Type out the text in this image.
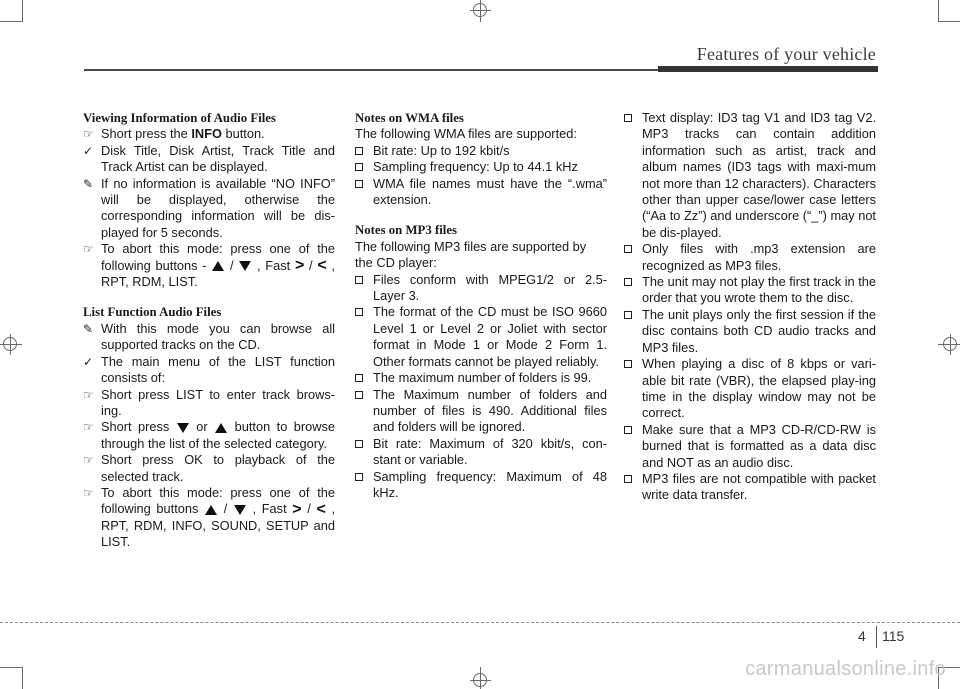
Features of your vehicle

Viewing Information of Audio Files

☞ Short press the INFO button.

✓ Disk Title, Disk Artist, Track Title and Track Artist can be displayed.

✎ If no information is available “NO INFO” will be displayed, otherwise the corresponding information will be dis-played for 5 seconds.

☞ To abort this mode: press one of the following buttons - / , Fast > / < , RPT, RDM, LIST.

List Function Audio Files

✎ With this mode you can browse all supported tracks on the CD.

✓ The main menu of the LIST function consists of:

☞ Short press LIST to enter track brows-ing.

☞ Short press or button to browse through the list of the selected category.

☞ Short press OK to playback of the selected track.

☞ To abort this mode: press one of the following buttons / , Fast > / < , RPT, RDM, INFO, SOUND, SETUP and LIST.

Notes on WMA files

The following WMA files are supported:

Bit rate: Up to 192 kbit/s

Sampling frequency: Up to 44.1 kHz

WMA file names must have the “.wma” extension.

Notes on MP3 files

The following MP3 files are supported by the CD player:

Files conform with MPEG1/2 or 2.5-Layer 3.

The format of the CD must be ISO 9660 Level 1 or Level 2 or Joliet with sector format in Mode 1 or Mode 2 Form 1. Other formats cannot be played reliably.

The maximum number of folders is 99.

The Maximum number of folders and number of files is 490. Additional files and folders will be ignored.

Bit rate: Maximum of 320 kbit/s, con-stant or variable.

Sampling frequency: Maximum of 48 kHz.

Text display: ID3 tag V1 and ID3 tag V2. MP3 tracks can contain addition information such as artist, track and album names (ID3 tags with maxi-mum not more than 12 characters). Characters other than upper case/lower case letters (“Aa to Zz”) and underscore (“_”) may not be dis-played.

Only files with .mp3 extension are recognized as MP3 files.

The unit may not play the first track in the order that you wrote them to the disc.

The unit plays only the first session if the disc contains both CD audio tracks and MP3 files.

When playing a disc of 8 kbps or vari-able bit rate (VBR), the elapsed play-ing time in the display window may not be correct.

Make sure that a MP3 CD-R/CD-RW is burned that is formatted as a data disc and NOT as an audio disc.

MP3 files are not compatible with packet write data transfer.

4 115
carmanualsonline.info
